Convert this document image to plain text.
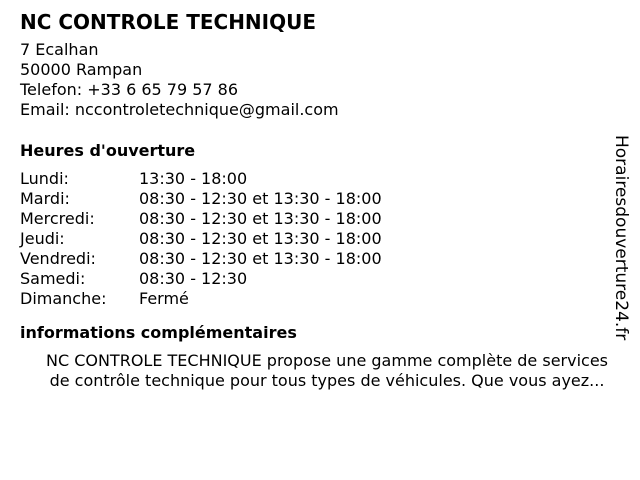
NC CONTROLE TECHNIQUE

7 Ecalhan

50000 Rampan

Telefon: +33 6 65 79 57 86

Email: nccontroletechnique@gmail.com

Heures d'ouverture
Lundi:	13:30 - 18:00
Mardi:	08:30 - 12:30 et 13:30 - 18:00
Mercredi:	08:30 - 12:30 et 13:30 - 18:00
Jeudi:	08:30 - 12:30 et 13:30 - 18:00
Vendredi:	08:30 - 12:30 et 13:30 - 18:00
Samedi:	08:30 - 12:30
Dimanche: Fermé
informations complémentaires
NC CONTROLE TECHNIQUE propose une gamme complète de services
de contrôle technique pour tous types de véhicules. Que vous ayez...
Horairesdouverture24.fr
